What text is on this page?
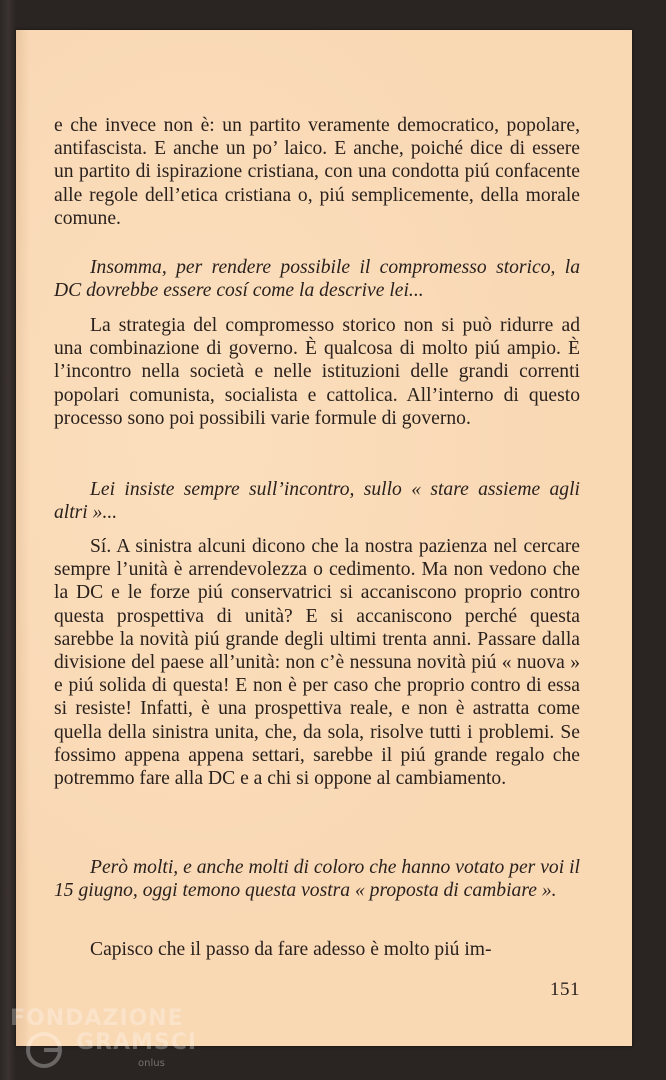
e che invece non è: un partito veramente democratico, popolare, antifascista. E anche un po’ laico. E anche, poiché dice di essere un partito di ispirazione cristiana, con una condotta piú confacente alle regole dell’etica cristiana o, piú semplicemente, della morale comune.

Insomma, per rendere possibile il compromesso storico, la DC dovrebbe essere cosí come la descrive lei...

La strategia del compromesso storico non si può ridurre ad una combinazione di governo. È qualcosa di molto piú ampio. È l’incontro nella società e nelle istituzioni delle grandi correnti popolari comunista, socialista e cattolica. All’interno di questo processo sono poi possibili varie formule di governo.

Lei insiste sempre sull’incontro, sullo « stare assieme agli altri »...

Sí. A sinistra alcuni dicono che la nostra pazienza nel cercare sempre l’unità è arrendevolezza o cedimento. Ma non vedono che la DC e le forze piú conservatrici si accaniscono proprio contro questa prospettiva di unità? E si accaniscono perché questa sarebbe la novità piú grande degli ultimi trenta anni. Passare dalla divisione del paese all’unità: non c’è nessuna novità piú « nuova » e piú solida di questa! E non è per caso che proprio contro di essa si resiste! Infatti, è una prospettiva reale, e non è astratta come quella della sinistra unita, che, da sola, risolve tutti i problemi. Se fossimo appena appena settari, sarebbe il piú grande regalo che potremmo fare alla DC e a chi si oppone al cambiamento.

Però molti, e anche molti di coloro che hanno votato per voi il 15 giugno, oggi temono questa vostra « proposta di cambiare ».

Capisco che il passo da fare adesso è molto piú im-

151
FONDAZIONE
GRAMSCI
onlus
